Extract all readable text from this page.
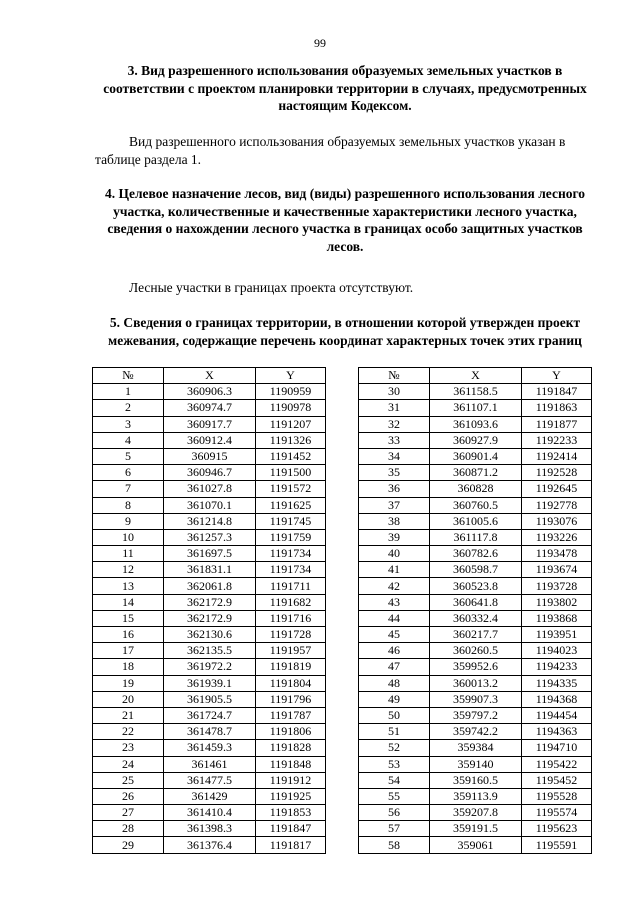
99
3. Вид разрешенного использования образуемых земельных участков в соответствии с проектом планировки территории в случаях, предусмотренных настоящим Кодексом.
Вид разрешенного использования образуемых земельных участков указан в таблице раздела 1.
4. Целевое назначение лесов, вид (виды) разрешенного использования лесного участка, количественные и качественные характеристики лесного участка, сведения о нахождении лесного участка в границах особо защитных участков лесов.
Лесные участки в границах проекта отсутствуют.
5. Сведения о границах территории, в отношении которой утвержден проект межевания, содержащие перечень координат характерных точек этих границ
№	X	Y
1	360906.3	1190959
2	360974.7	1190978
3	360917.7	1191207
4	360912.4	1191326
5	360915	1191452
6	360946.7	1191500
7	361027.8	1191572
8	361070.1	1191625
9	361214.8	1191745
10	361257.3	1191759
11	361697.5	1191734
12	361831.1	1191734
13	362061.8	1191711
14	362172.9	1191682
15	362172.9	1191716
16	362130.6	1191728
17	362135.5	1191957
18	361972.2	1191819
19	361939.1	1191804
20	361905.5	1191796
21	361724.7	1191787
22	361478.7	1191806
23	361459.3	1191828
24	361461	1191848
25	361477.5	1191912
26	361429	1191925
27	361410.4	1191853
28	361398.3	1191847
29	361376.4	1191817
№	X	Y
30	361158.5	1191847
31	361107.1	1191863
32	361093.6	1191877
33	360927.9	1192233
34	360901.4	1192414
35	360871.2	1192528
36	360828	1192645
37	360760.5	1192778
38	361005.6	1193076
39	361117.8	1193226
40	360782.6	1193478
41	360598.7	1193674
42	360523.8	1193728
43	360641.8	1193802
44	360332.4	1193868
45	360217.7	1193951
46	360260.5	1194023
47	359952.6	1194233
48	360013.2	1194335
49	359907.3	1194368
50	359797.2	1194454
51	359742.2	1194363
52	359384	1194710
53	359140	1195422
54	359160.5	1195452
55	359113.9	1195528
56	359207.8	1195574
57	359191.5	1195623
58	359061	1195591
